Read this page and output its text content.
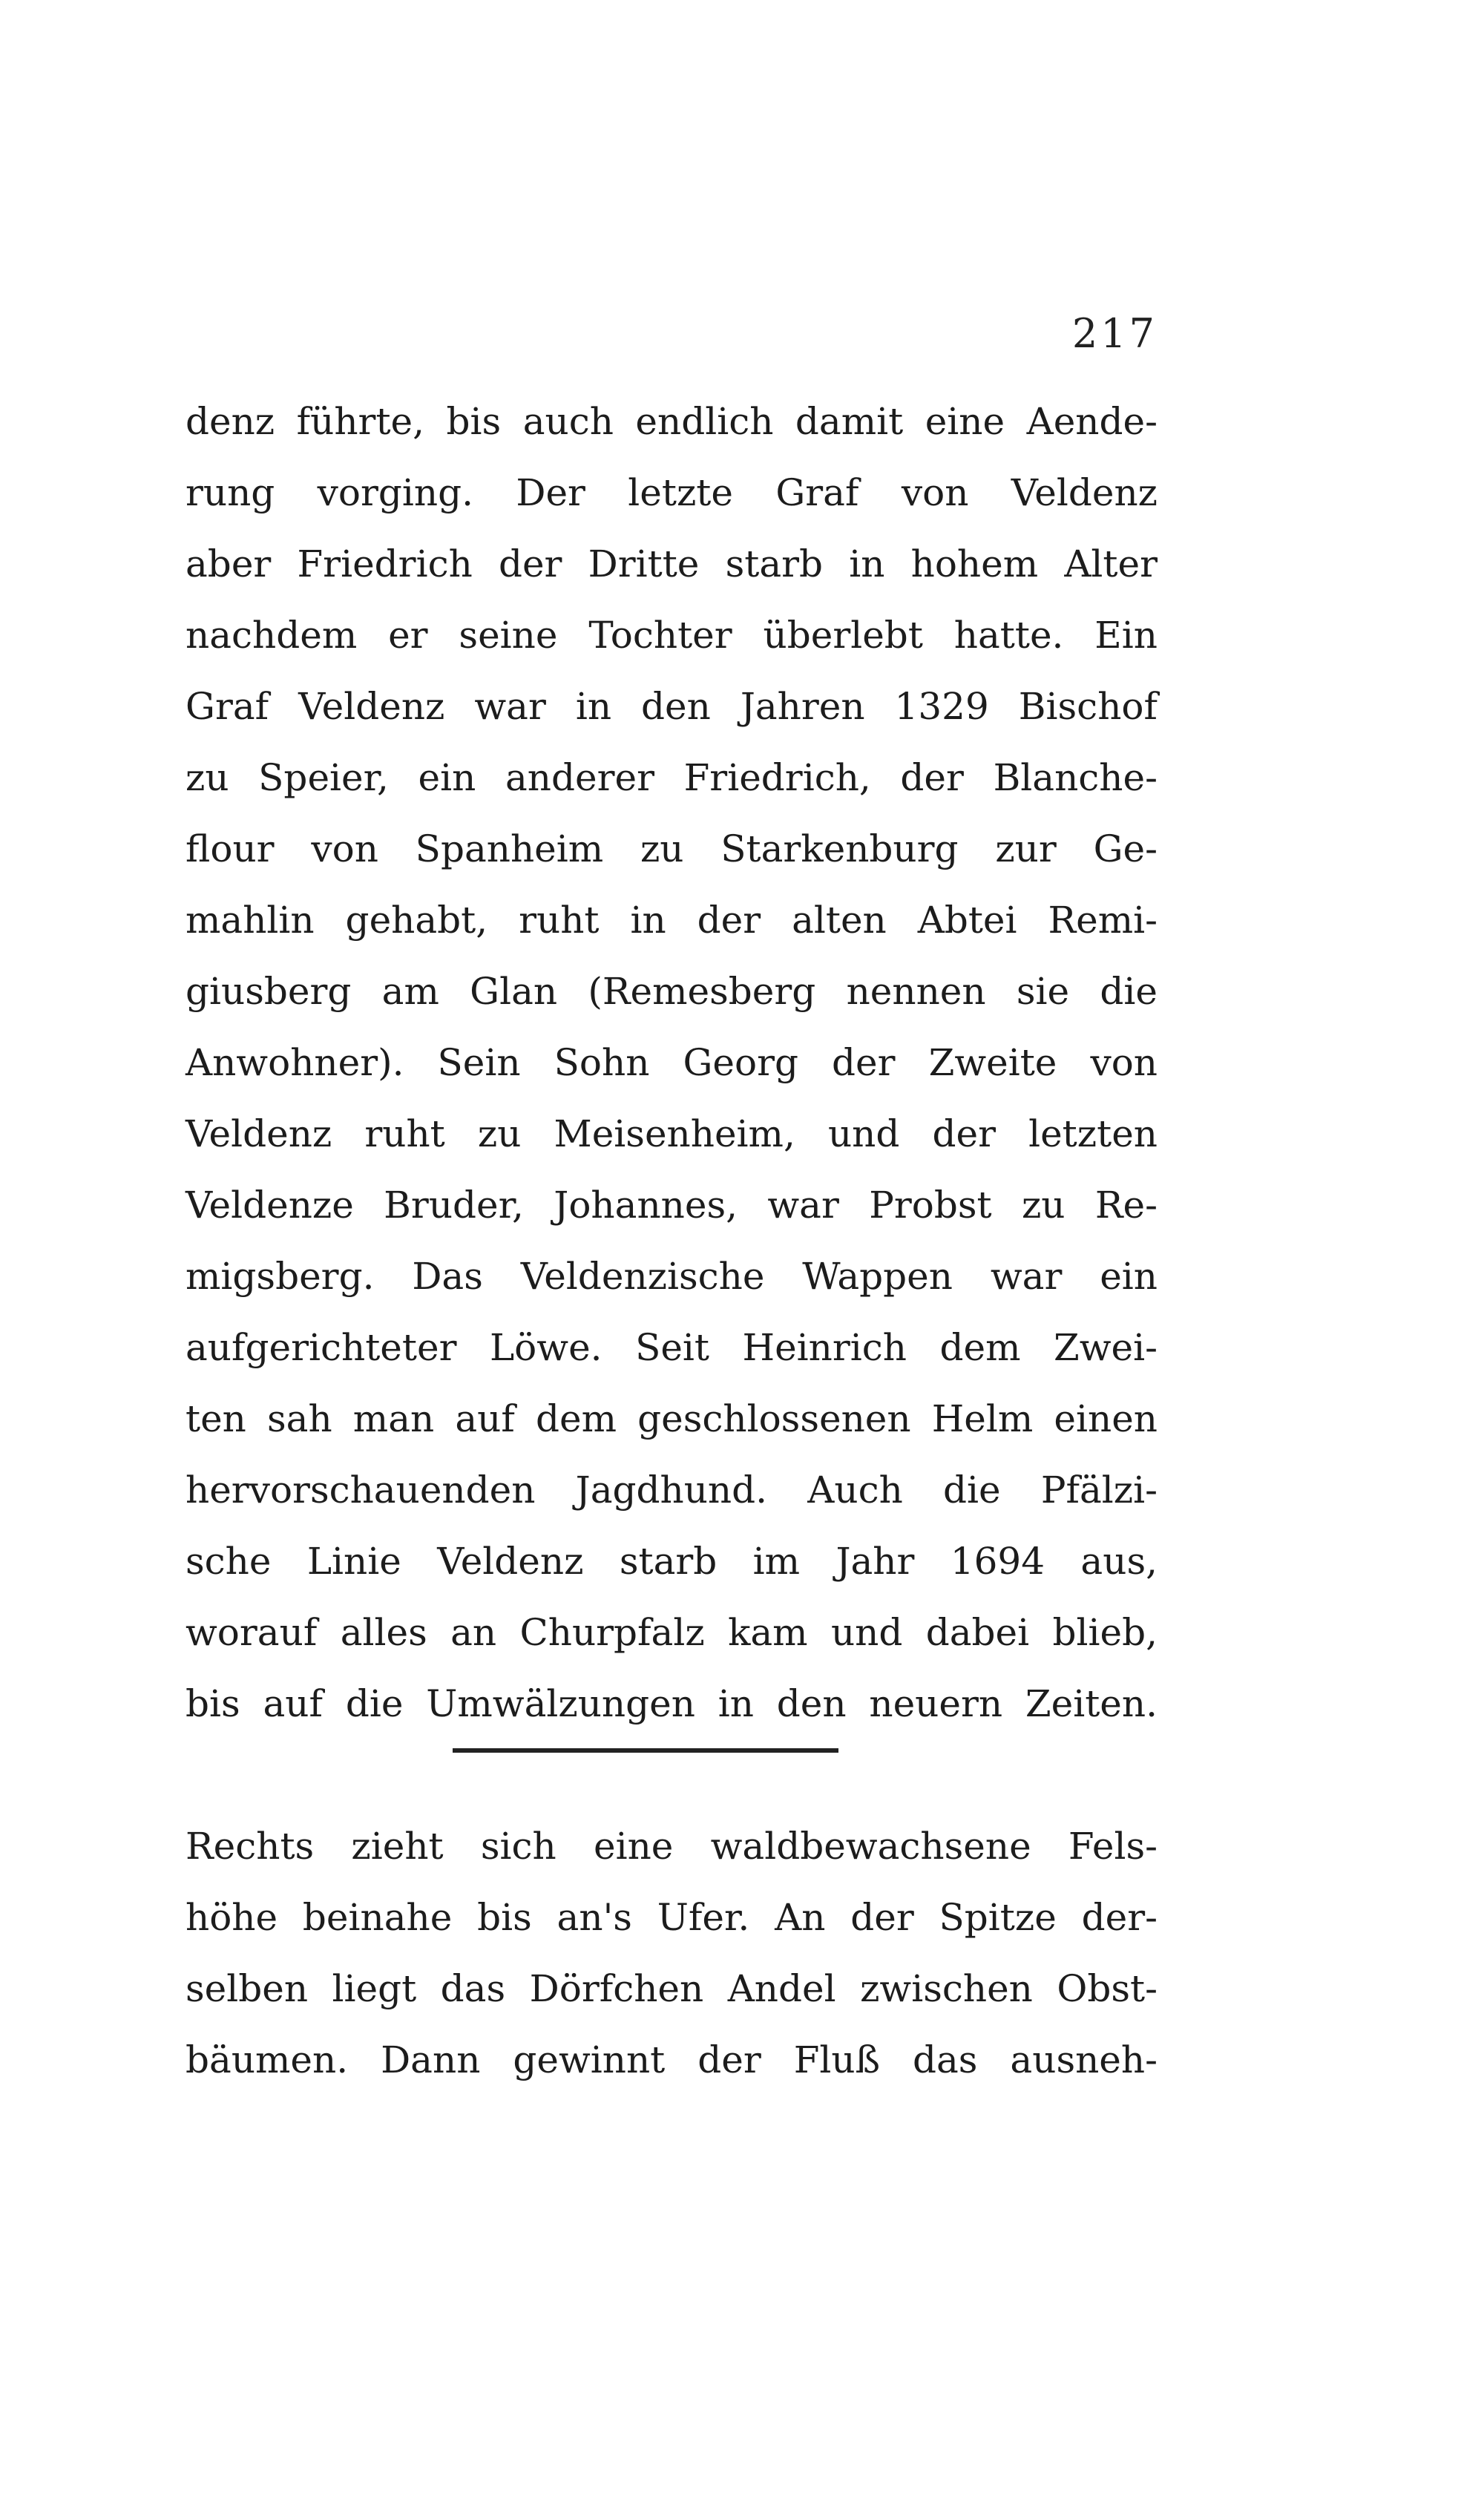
217
denz führte, bis auch endlich damit eine Aende-
rung vorging. Der letzte Graf von Veldenz
aber Friedrich der Dritte starb in hohem Alter
nachdem er seine Tochter überlebt hatte. Ein
Graf Veldenz war in den Jahren 1329 Bischof
zu Speier, ein anderer Friedrich, der Blanche-
flour von Spanheim zu Starkenburg zur Ge-
mahlin gehabt, ruht in der alten Abtei Remi-
giusberg am Glan (Remesberg nennen sie die
Anwohner). Sein Sohn Georg der Zweite von
Veldenz ruht zu Meisenheim, und der letzten
Veldenze Bruder, Johannes, war Probst zu Re-
migsberg. Das Veldenzische Wappen war ein
aufgerichteter Löwe. Seit Heinrich dem Zwei-
ten sah man auf dem geschlossenen Helm einen
hervorschauenden Jagdhund. Auch die Pfälzi-
sche Linie Veldenz starb im Jahr 1694 aus,
worauf alles an Churpfalz kam und dabei blieb,
bis auf die Umwälzungen in den neuern Zeiten.
Rechts zieht sich eine waldbewachsene Fels-
höhe beinahe bis an's Ufer. An der Spitze der-
selben liegt das Dörfchen Andel zwischen Obst-
bäumen. Dann gewinnt der Fluß das ausneh-
